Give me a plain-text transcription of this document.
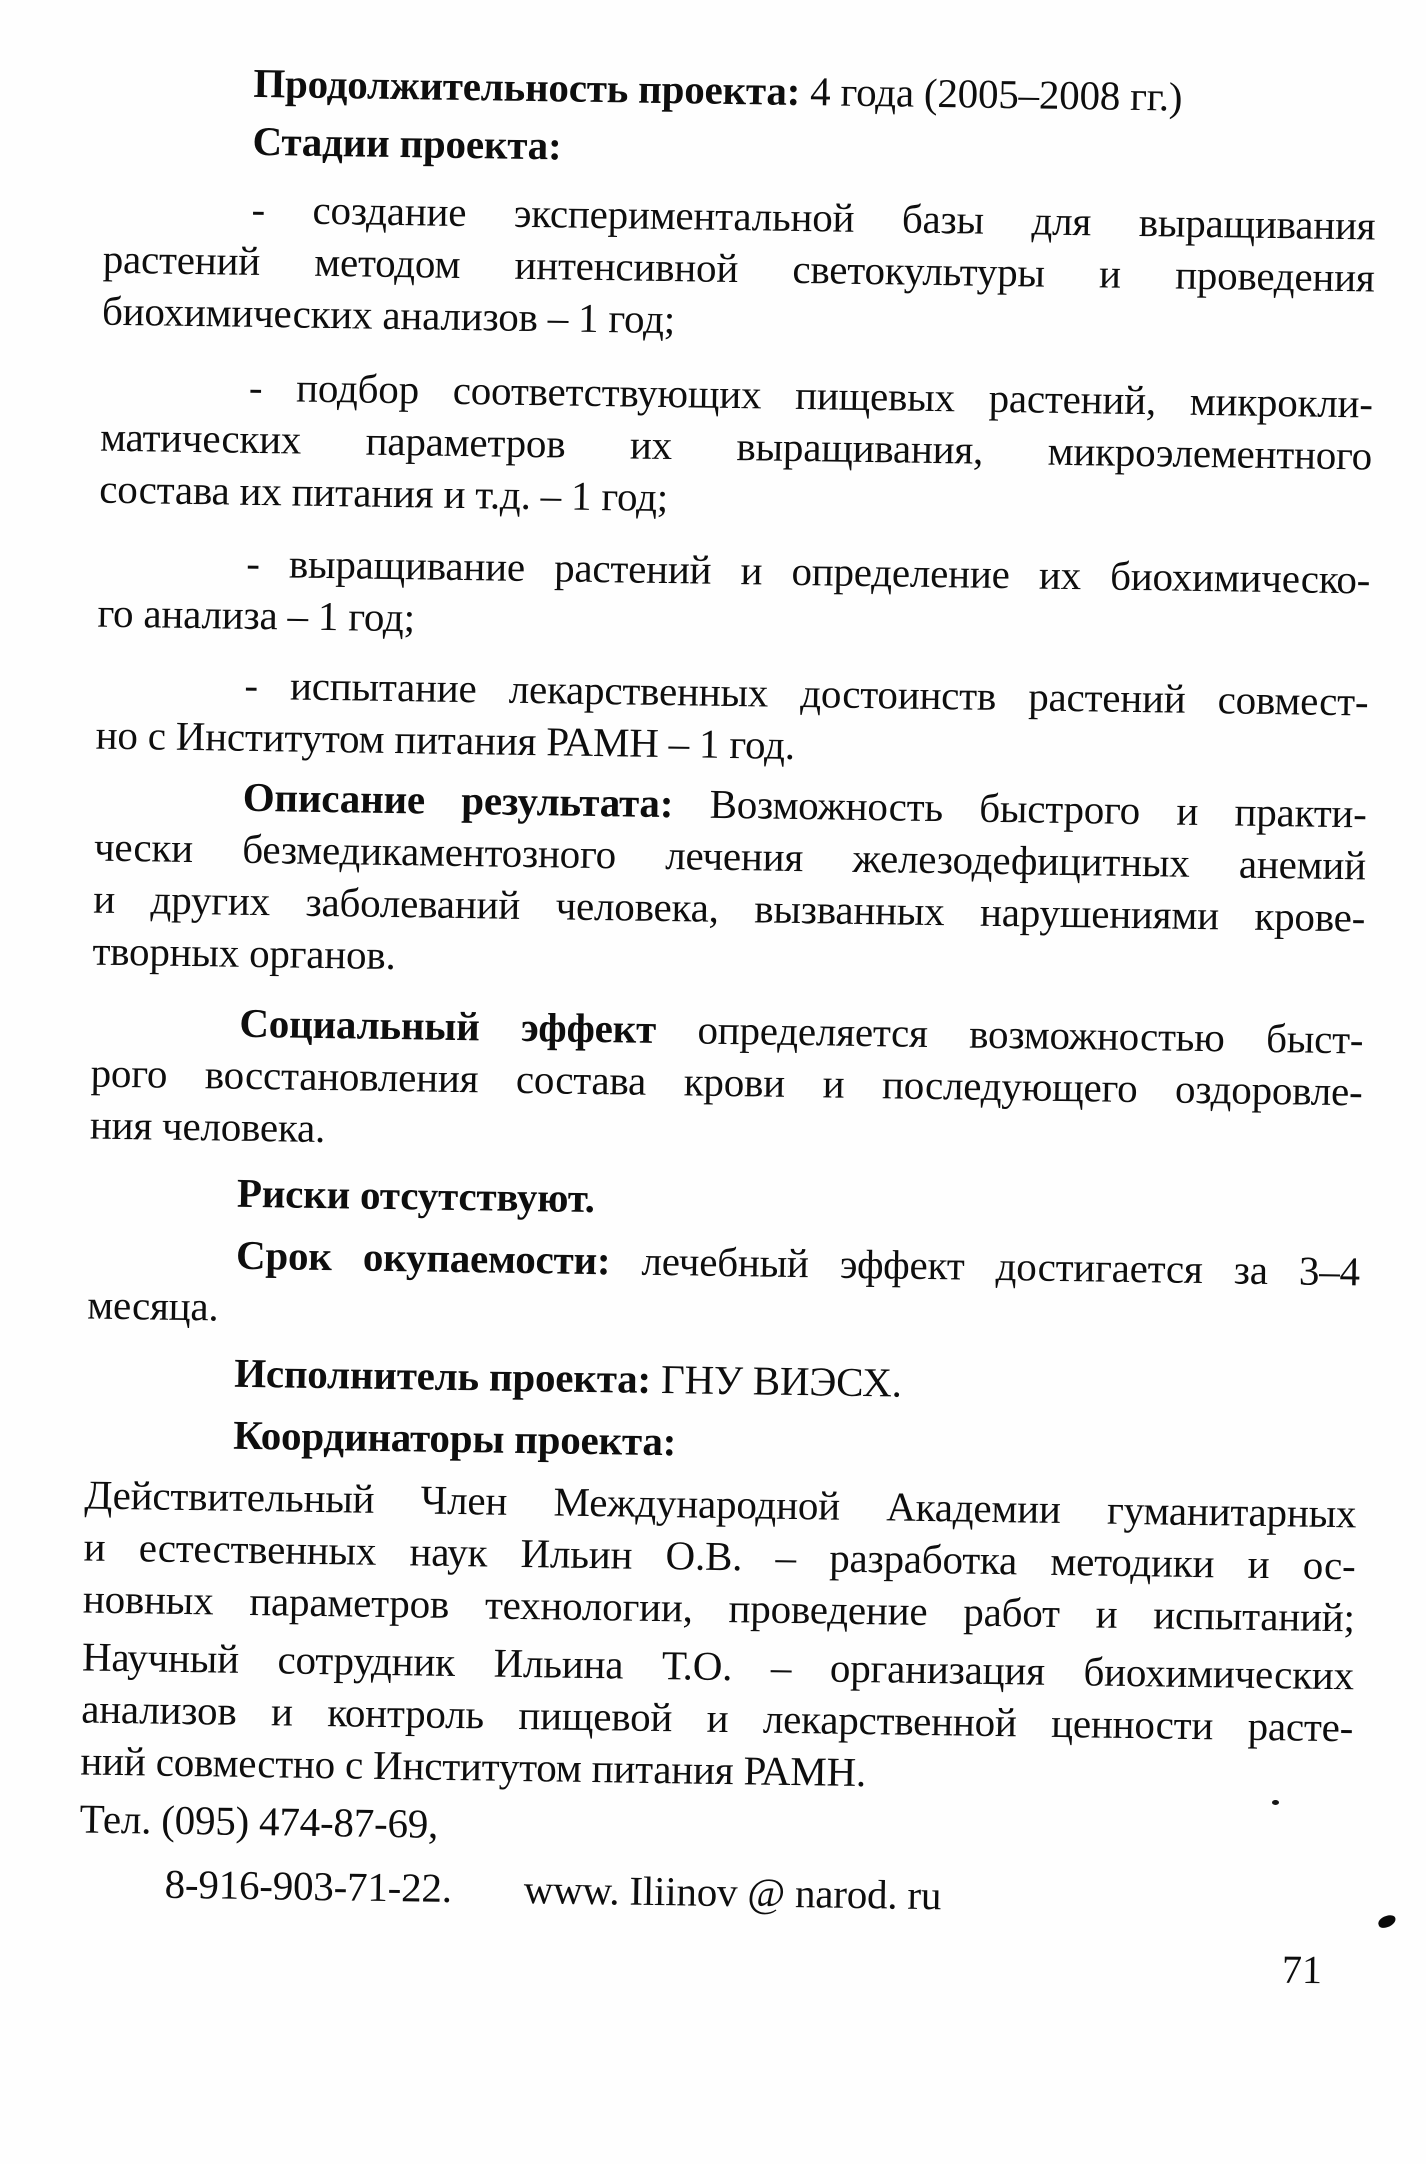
Продолжительность проекта: 4 года (2005–2008 гг.)
Стадии проекта:
- создание экспериментальной базы для выращивания
растений методом интенсивной светокультуры и проведения
биохимических анализов – 1 год;
- подбор соответствующих пищевых растений, микрокли-
матических параметров их выращивания, микроэлементного
состава их питания и т.д. – 1 год;
- выращивание растений и определение их биохимическо-
го анализа – 1 год;
- испытание лекарственных достоинств растений совмест-
но с Институтом питания РАМН – 1 год.
Описание результата: Возможность быстрого и практи-
чески безмедикаментозного лечения железодефицитных анемий
и других заболеваний человека, вызванных нарушениями крове-
творных органов.
Социальный эффект определяется возможностью быст-
рого восстановления состава крови и последующего оздоровле-
ния человека.
Риски отсутствуют.
Срок окупаемости: лечебный эффект достигается за 3–4
месяца.
Исполнитель проекта: ГНУ ВИЭСХ.
Координаторы проекта:
Действительный Член Международной Академии гуманитарных
и естественных наук Ильин О.В. – разработка методики и ос-
новных параметров технологии, проведение работ и испытаний;
Научный сотрудник Ильина Т.О. – организация биохимических
анализов и контроль пищевой и лекарственной ценности расте-
ний совместно с Институтом питания РАМН.
Тел. (095) 474-87-69,
8-916-903-71-22. www. Iliinov @ narod. ru
71
